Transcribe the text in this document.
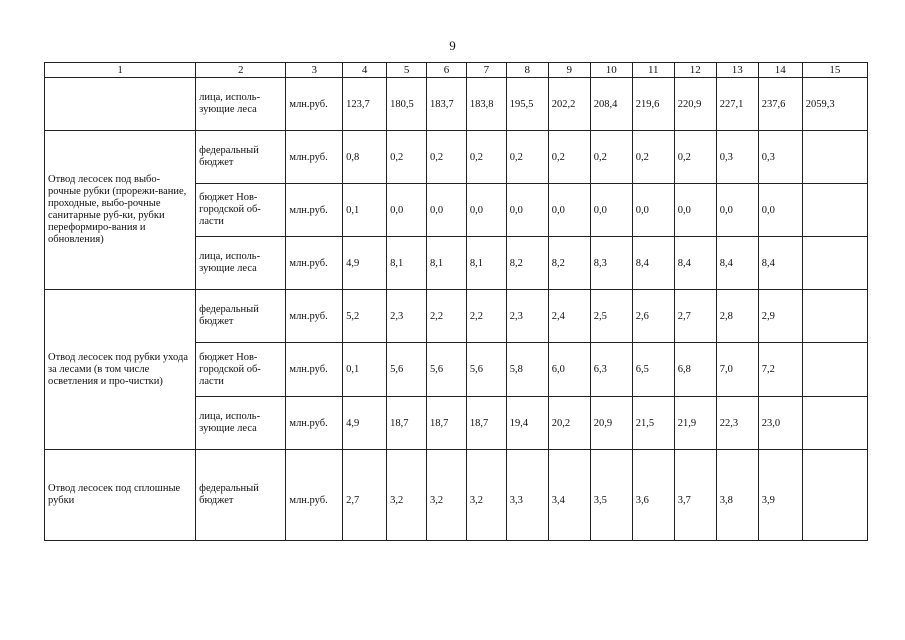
9
1	2	3	4	5	6	7	8	9	10	11	12	13	14	15
	лица, исполь-зующие леса	млн.руб.	123,7	180,5	183,7	183,8	195,5	202,2	208,4	219,6	220,9	227,1	237,6	2059,3
Отвод лесосек под выбо-рочные рубки (прорежи-вание, проходные, выбо-рочные санитарные руб-ки, рубки переформиро-вания и обновления)	федеральный бюджет	млн.руб.	0,8	0,2	0,2	0,2	0,2	0,2	0,2	0,2	0,2	0,3	0,3	
	бюджет Нов-городской об-ласти	млн.руб.	0,1	0,0	0,0	0,0	0,0	0,0	0,0	0,0	0,0	0,0	0,0	
	лица, исполь-зующие леса	млн.руб.	4,9	8,1	8,1	8,1	8,2	8,2	8,3	8,4	8,4	8,4	8,4	
Отвод лесосек под рубки ухода за лесами (в том числе осветления и про-чистки)	федеральный бюджет	млн.руб.	5,2	2,3	2,2	2,2	2,3	2,4	2,5	2,6	2,7	2,8	2,9	
	бюджет Нов-городской об-ласти	млн.руб.	0,1	5,6	5,6	5,6	5,8	6,0	6,3	6,5	6,8	7,0	7,2	
	лица, исполь-зующие леса	млн.руб.	4,9	18,7	18,7	18,7	19,4	20,2	20,9	21,5	21,9	22,3	23,0	
Отвод лесосек под сплошные рубки	федеральный бюджет	млн.руб.	2,7	3,2	3,2	3,2	3,3	3,4	3,5	3,6	3,7	3,8	3,9	
